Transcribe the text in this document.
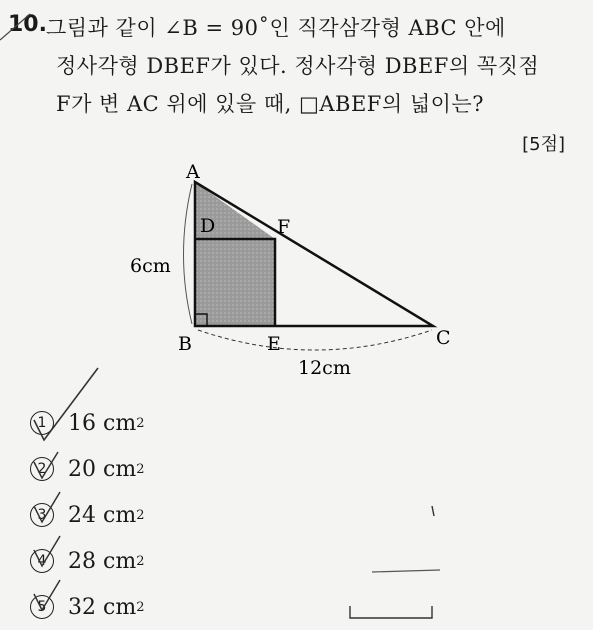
10. 그림과 같이 ∠B = 90˚인 직각삼각형 ABC 안에
정사각형 DBEF가 있다. 정사각형 DBEF의 꼭짓점
F가 변 AC 위에 있을 때, □ABEF의 넓이는?
[5점]
A
D	F
B	E	C
6cm
12cm
1 16
cm 2
2 20
cm 2
3 24
cm 2
4 28
cm 2
5 32
cm 2
